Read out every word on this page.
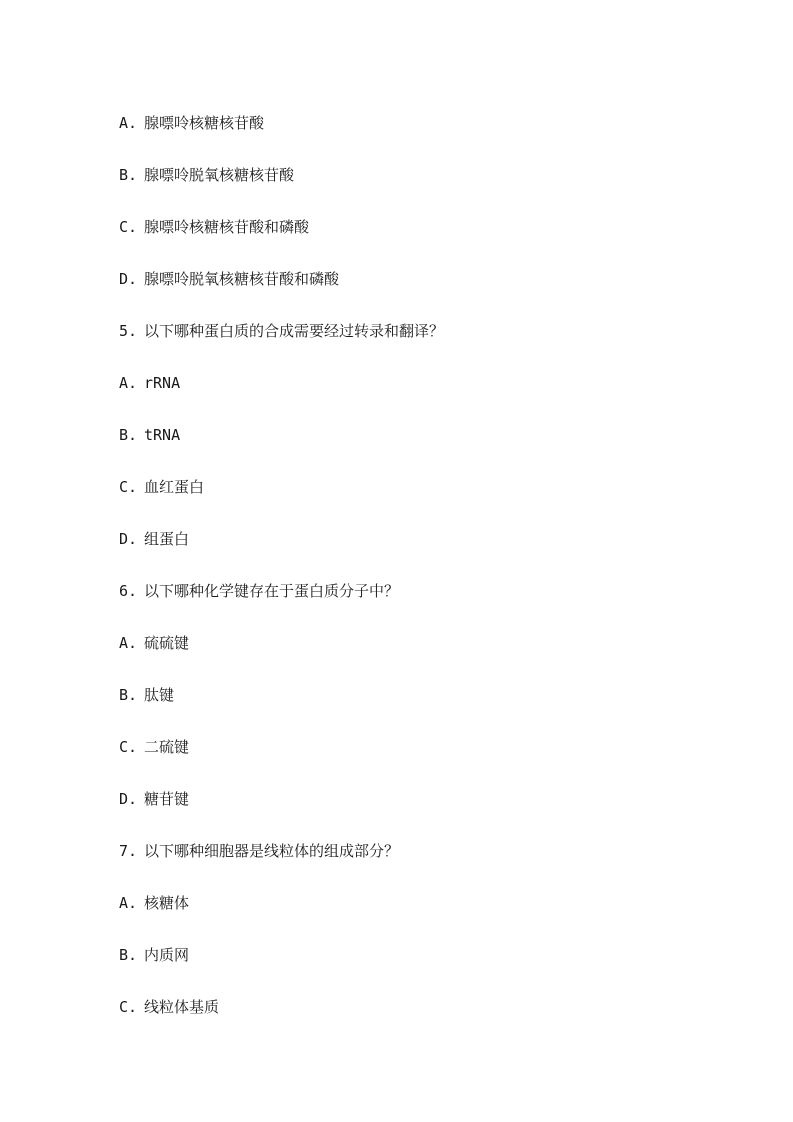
A. 腺嘌呤核糖核苷酸
B. 腺嘌呤脱氧核糖核苷酸
C. 腺嘌呤核糖核苷酸和磷酸
D. 腺嘌呤脱氧核糖核苷酸和磷酸
5. 以下哪种蛋白质的合成需要经过转录和翻译？
A. rRNA
B. tRNA
C. 血红蛋白
D. 组蛋白
6. 以下哪种化学键存在于蛋白质分子中？
A. 硫硫键
B. 肽键
C. 二硫键
D. 糖苷键
7. 以下哪种细胞器是线粒体的组成部分？
A. 核糖体
B. 内质网
C. 线粒体基质
